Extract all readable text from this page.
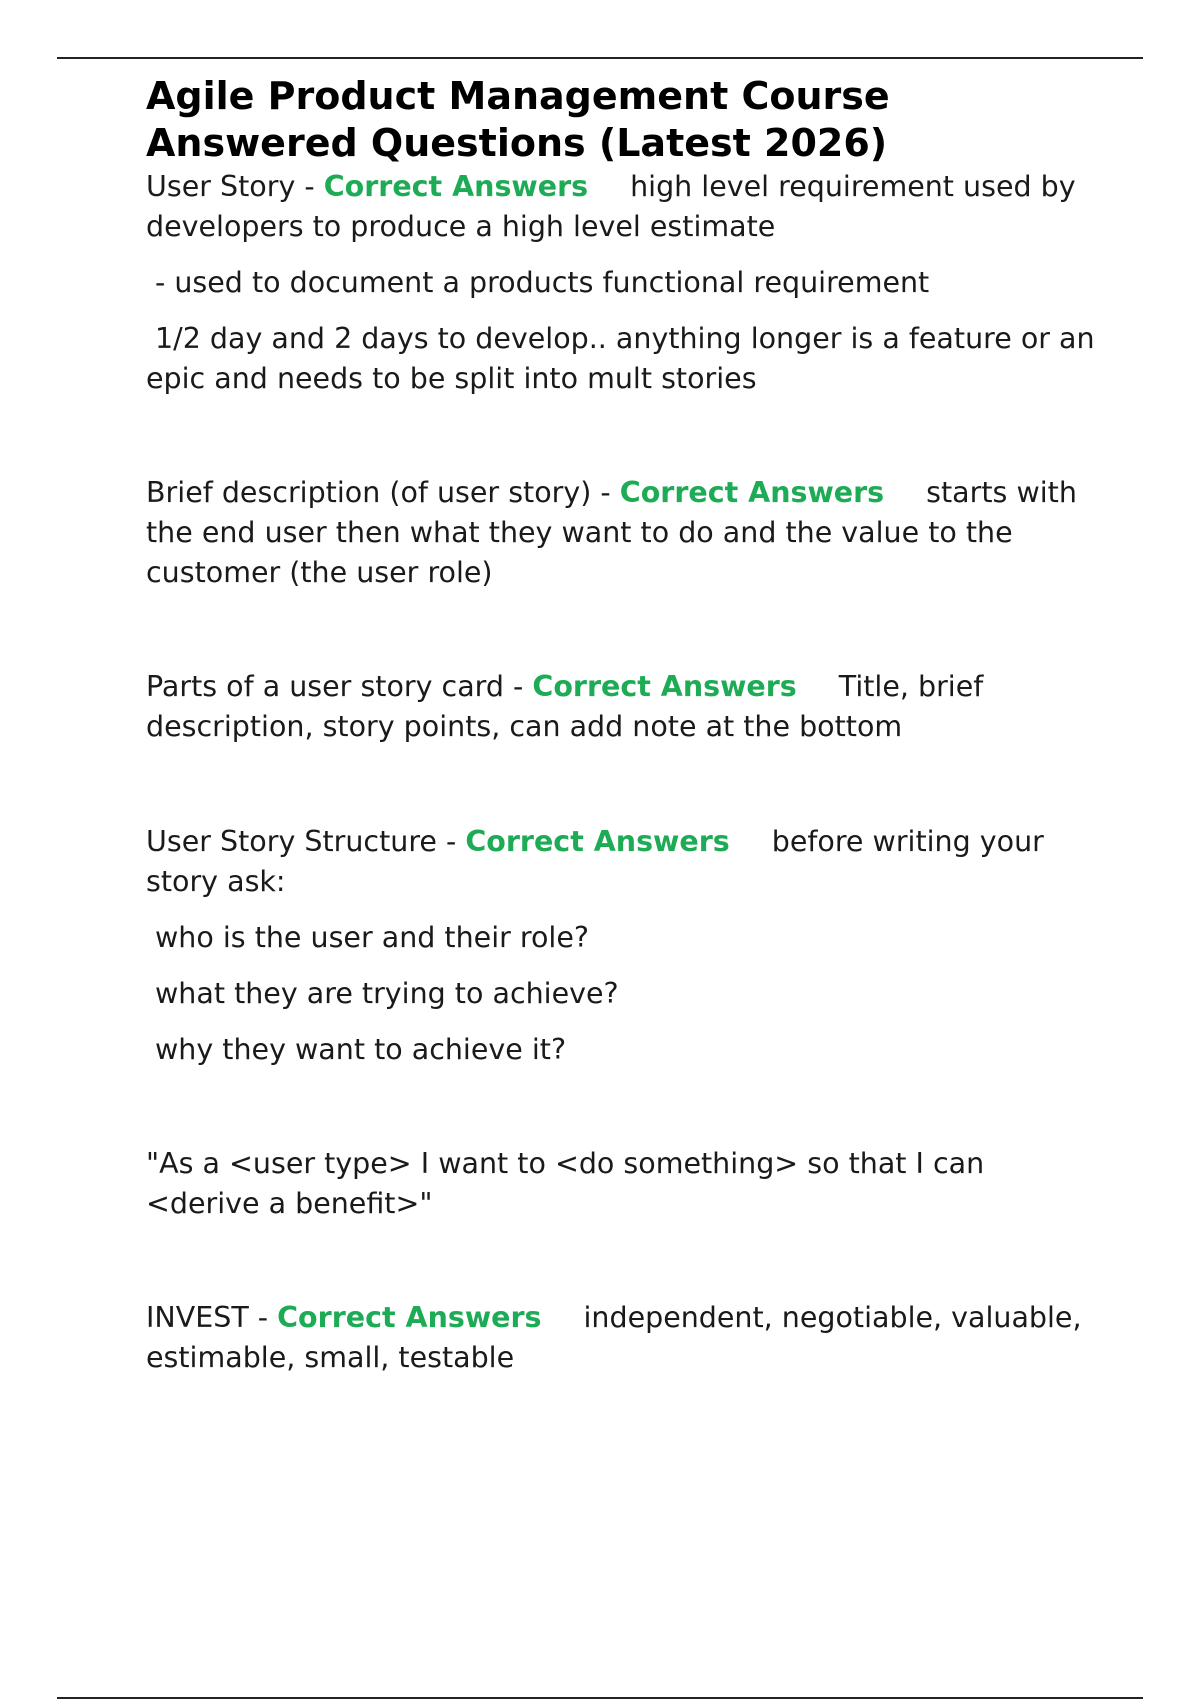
Agile Product Management Course
Answered Questions (Latest 2026)

User Story - Correct Answers high level requirement used by developers to produce a high level estimate

- used to document a products functional requirement

1/2 day and 2 days to develop.. anything longer is a feature or an epic and needs to be split into mult stories

Brief description (of user story) - Correct Answers starts with the end user then what they want to do and the value to the customer (the user role)

Parts of a user story card - Correct Answers Title, brief description, story points, can add note at the bottom

User Story Structure - Correct Answers before writing your story ask:

who is the user and their role?

what they are trying to achieve?

why they want to achieve it?

"As a <user type> I want to <do something> so that I can <derive a benefit>"

INVEST - Correct Answers independent, negotiable, valuable, estimable, small, testable
